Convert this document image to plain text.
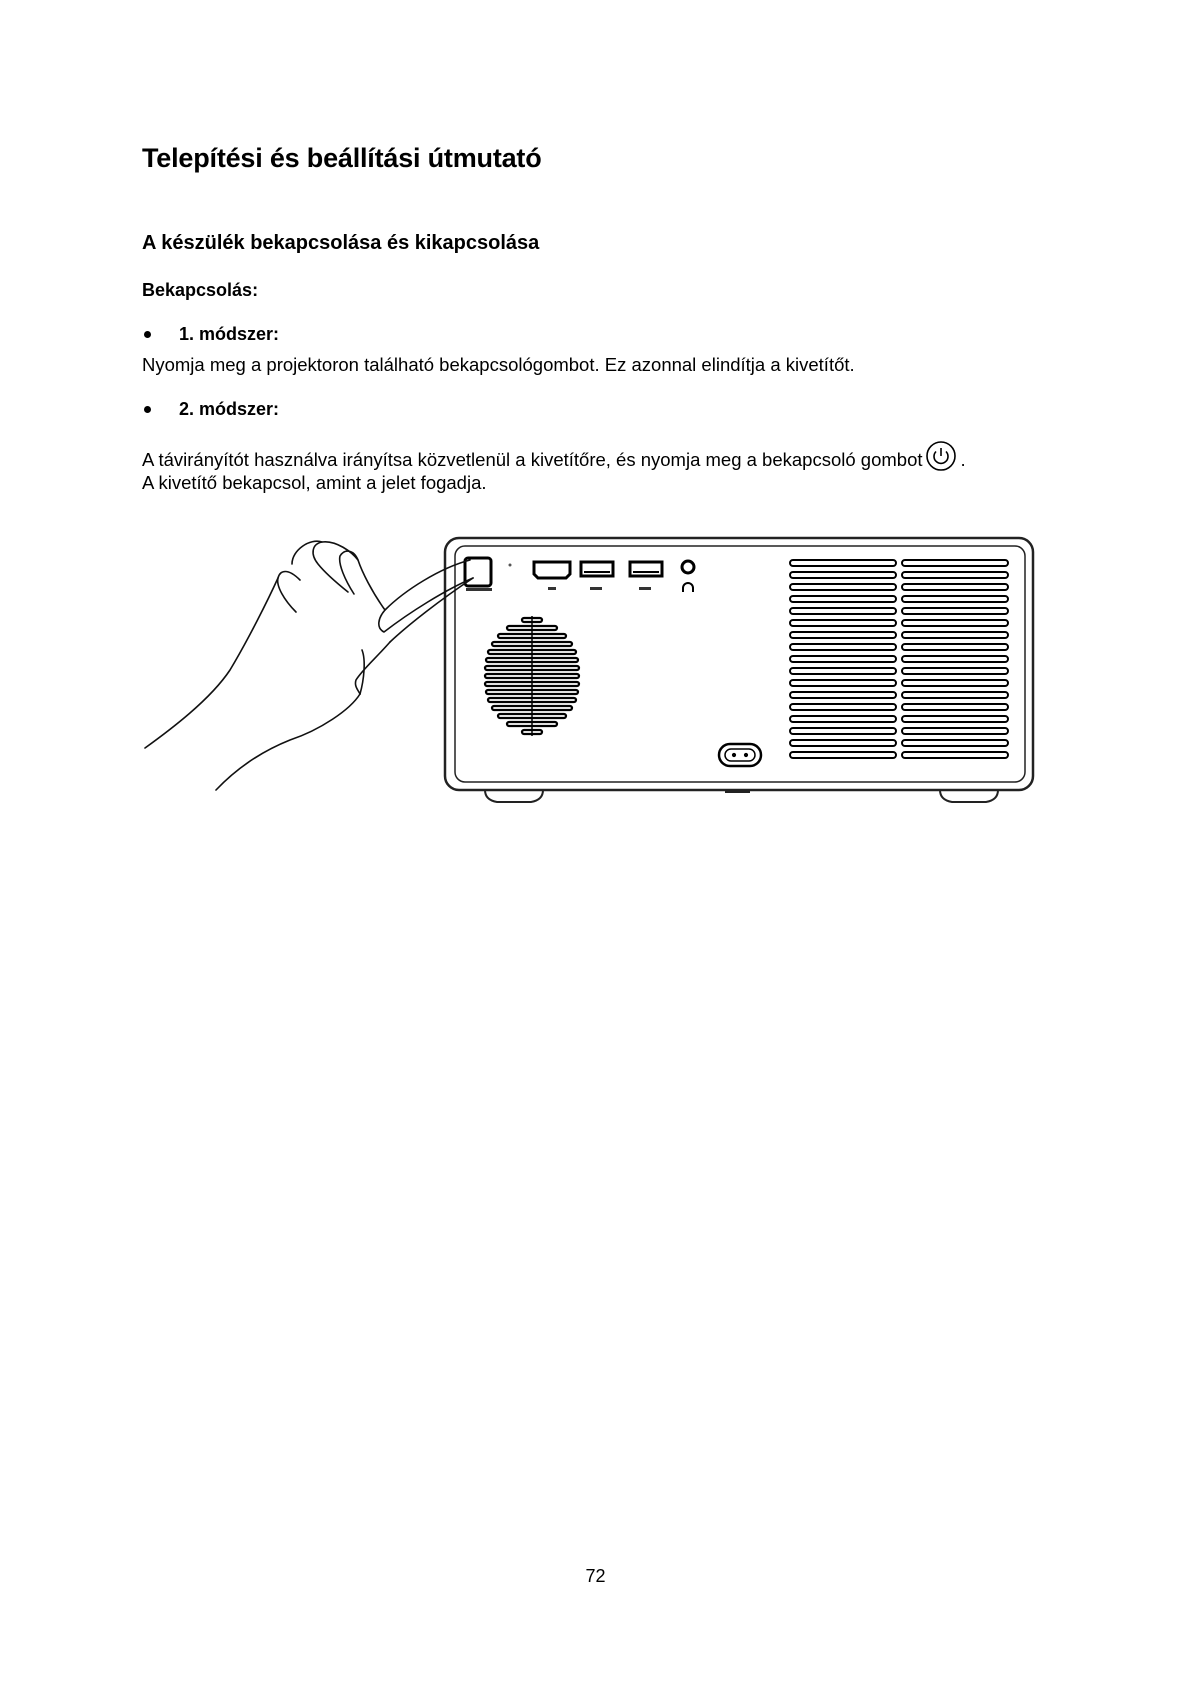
Telepítési és beállítási útmutató
A készülék bekapcsolása és kikapcsolása
Bekapcsolás:
1. módszer:

Nyomja meg a projektoron található bekapcsológombot. Ez azonnal elindítja a kivetítőt.

2. módszer:

A távirányítót használva irányítsa közvetlenül a kivetítőre, és nyomja meg a bekapcsoló gombot .

A kivetítő bekapcsol, amint a jelet fogadja.

72
